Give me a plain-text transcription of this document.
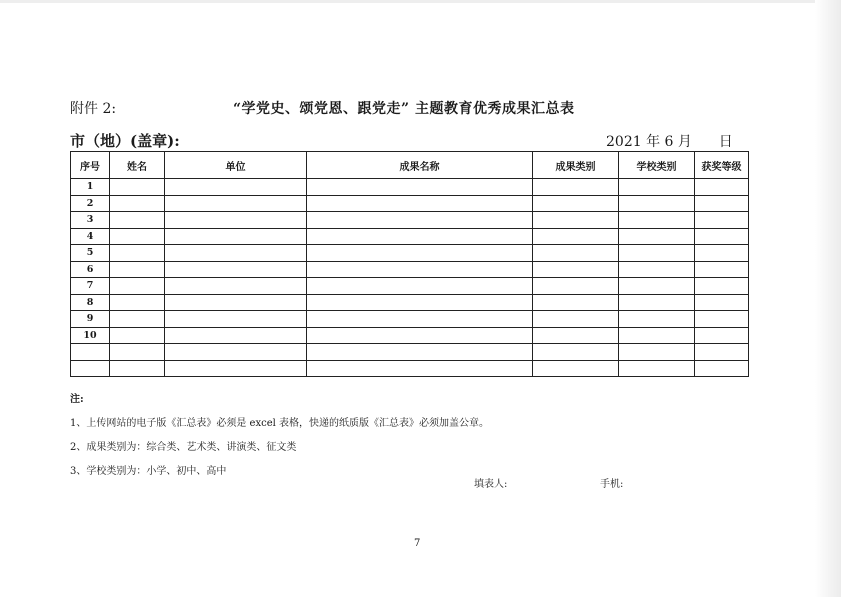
附件 2:	“学党史、颂党恩、跟党走” 主题教育优秀成果汇总表
市（地）(盖章):	2021 年 6 月 日
序号	姓名	单位	成果名称	成果类别	学校类别	获奖等级
1						
2						
3						
4						
5						
6						
7						
8						
9						
10						

注:
1、上传网站的电子版《汇总表》必须是 excel 表格，快递的纸质版《汇总表》必须加盖公章。
2、成果类别为：综合类、艺术类、讲演类、征文类
3、学校类别为：小学、初中、高中
填表人:	手机:
7
